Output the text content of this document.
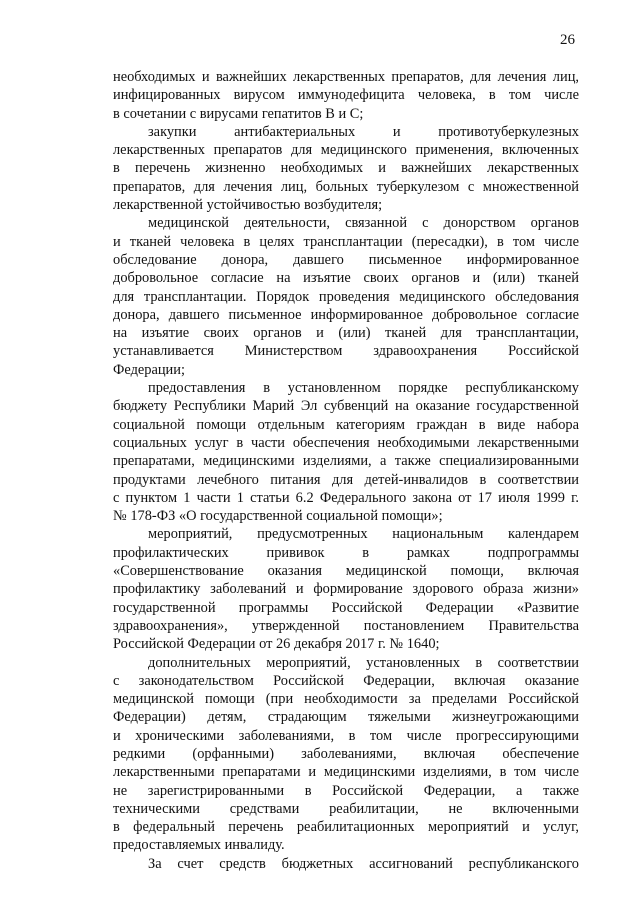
26
необходимых и важнейших лекарственных препаратов, для лечения лиц,
инфицированных вирусом иммунодефицита человека, в том числе
в сочетании с вирусами гепатитов В и С;
закупки антибактериальных и противотуберкулезных
лекарственных препаратов для медицинского применения, включенных
в перечень жизненно необходимых и важнейших лекарственных
препаратов, для лечения лиц, больных туберкулезом с множественной
лекарственной устойчивостью возбудителя;
медицинской деятельности, связанной с донорством органов
и тканей человека в целях трансплантации (пересадки), в том числе
обследование донора, давшего письменное информированное
добровольное согласие на изъятие своих органов и (или) тканей
для трансплантации. Порядок проведения медицинского обследования
донора, давшего письменное информированное добровольное согласие
на изъятие своих органов и (или) тканей для трансплантации,
устанавливается Министерством здравоохранения Российской
Федерации;
предоставления в установленном порядке республиканскому
бюджету Республики Марий Эл субвенций на оказание государственной
социальной помощи отдельным категориям граждан в виде набора
социальных услуг в части обеспечения необходимыми лекарственными
препаратами, медицинскими изделиями, а также специализированными
продуктами лечебного питания для детей-инвалидов в соответствии
с пунктом 1 части 1 статьи 6.2 Федерального закона от 17 июля 1999 г.
№ 178-ФЗ «О государственной социальной помощи»;
мероприятий, предусмотренных национальным календарем
профилактических прививок в рамках подпрограммы
«Совершенствование оказания медицинской помощи, включая
профилактику заболеваний и формирование здорового образа жизни»
государственной программы Российской Федерации «Развитие
здравоохранения», утвержденной постановлением Правительства
Российской Федерации от 26 декабря 2017 г. № 1640;
дополнительных мероприятий, установленных в соответствии
с законодательством Российской Федерации, включая оказание
медицинской помощи (при необходимости за пределами Российской
Федерации) детям, страдающим тяжелыми жизнеугрожающими
и хроническими заболеваниями, в том числе прогрессирующими
редкими (орфанными) заболеваниями, включая обеспечение
лекарственными препаратами и медицинскими изделиями, в том числе
не зарегистрированными в Российской Федерации, а также
техническими средствами реабилитации, не включенными
в федеральный перечень реабилитационных мероприятий и услуг,
предоставляемых инвалиду.
За счет средств бюджетных ассигнований республиканского
